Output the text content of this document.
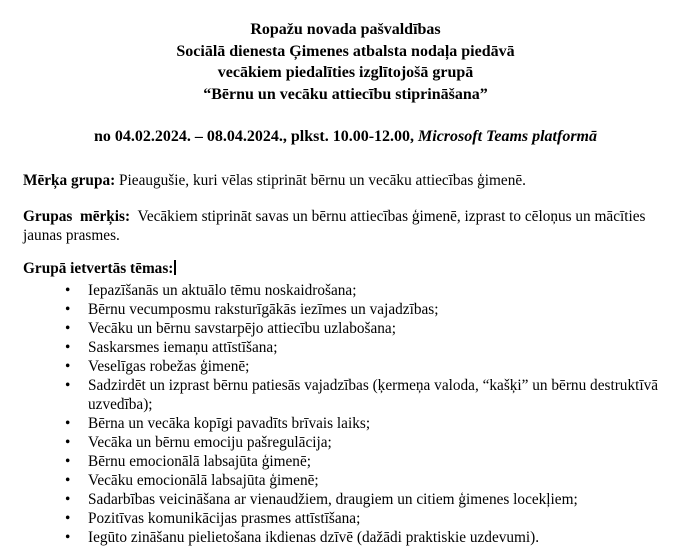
Ropažu novada pašvaldības
Sociālā dienesta Ģimenes atbalsta nodaļa piedāvā
vecākiem piedalīties izglītojošā grupā
“Bērnu un vecāku attiecību stiprināšana”
no 04.02.2024. – 08.04.2024., plkst. 10.00-12.00, Microsoft Teams platformā

Mērķa grupa: Pieaugušie, kuri vēlas stiprināt bērnu un vecāku attiecības ģimenē.

Grupas  mērķis:  Vecākiem stiprināt savas un bērnu attiecības ģimenē, izprast to cēloņus un mācīties jaunas prasmes.

Grupā ietvertās tēmas:

• Iepazīšanās un aktuālo tēmu noskaidrošana;
• Bērnu vecumposmu raksturīgākās iezīmes un vajadzības;
• Vecāku un bērnu savstarpējo attiecību uzlabošana;
• Saskarsmes iemaņu attīstīšana;
• Veselīgas robežas ģimenē;
• Sadzirdēt un izprast bērnu patiesās vajadzības (ķermeņa valoda, “kašķi” un bērnu destruktīvā uzvedība);
• Bērna un vecāka kopīgi pavadīts brīvais laiks;
• Vecāka un bērnu emociju pašregulācija;
• Bērnu emocionālā labsajūta ģimenē;
• Vecāku emocionālā labsajūta ģimenē;
• Sadarbības veicināšana ar vienaudžiem, draugiem un citiem ģimenes locekļiem;
• Pozitīvas komunikācijas prasmes attīstīšana;
• Iegūto zināšanu pielietošana ikdienas dzīvē (dažādi praktiskie uzdevumi).
